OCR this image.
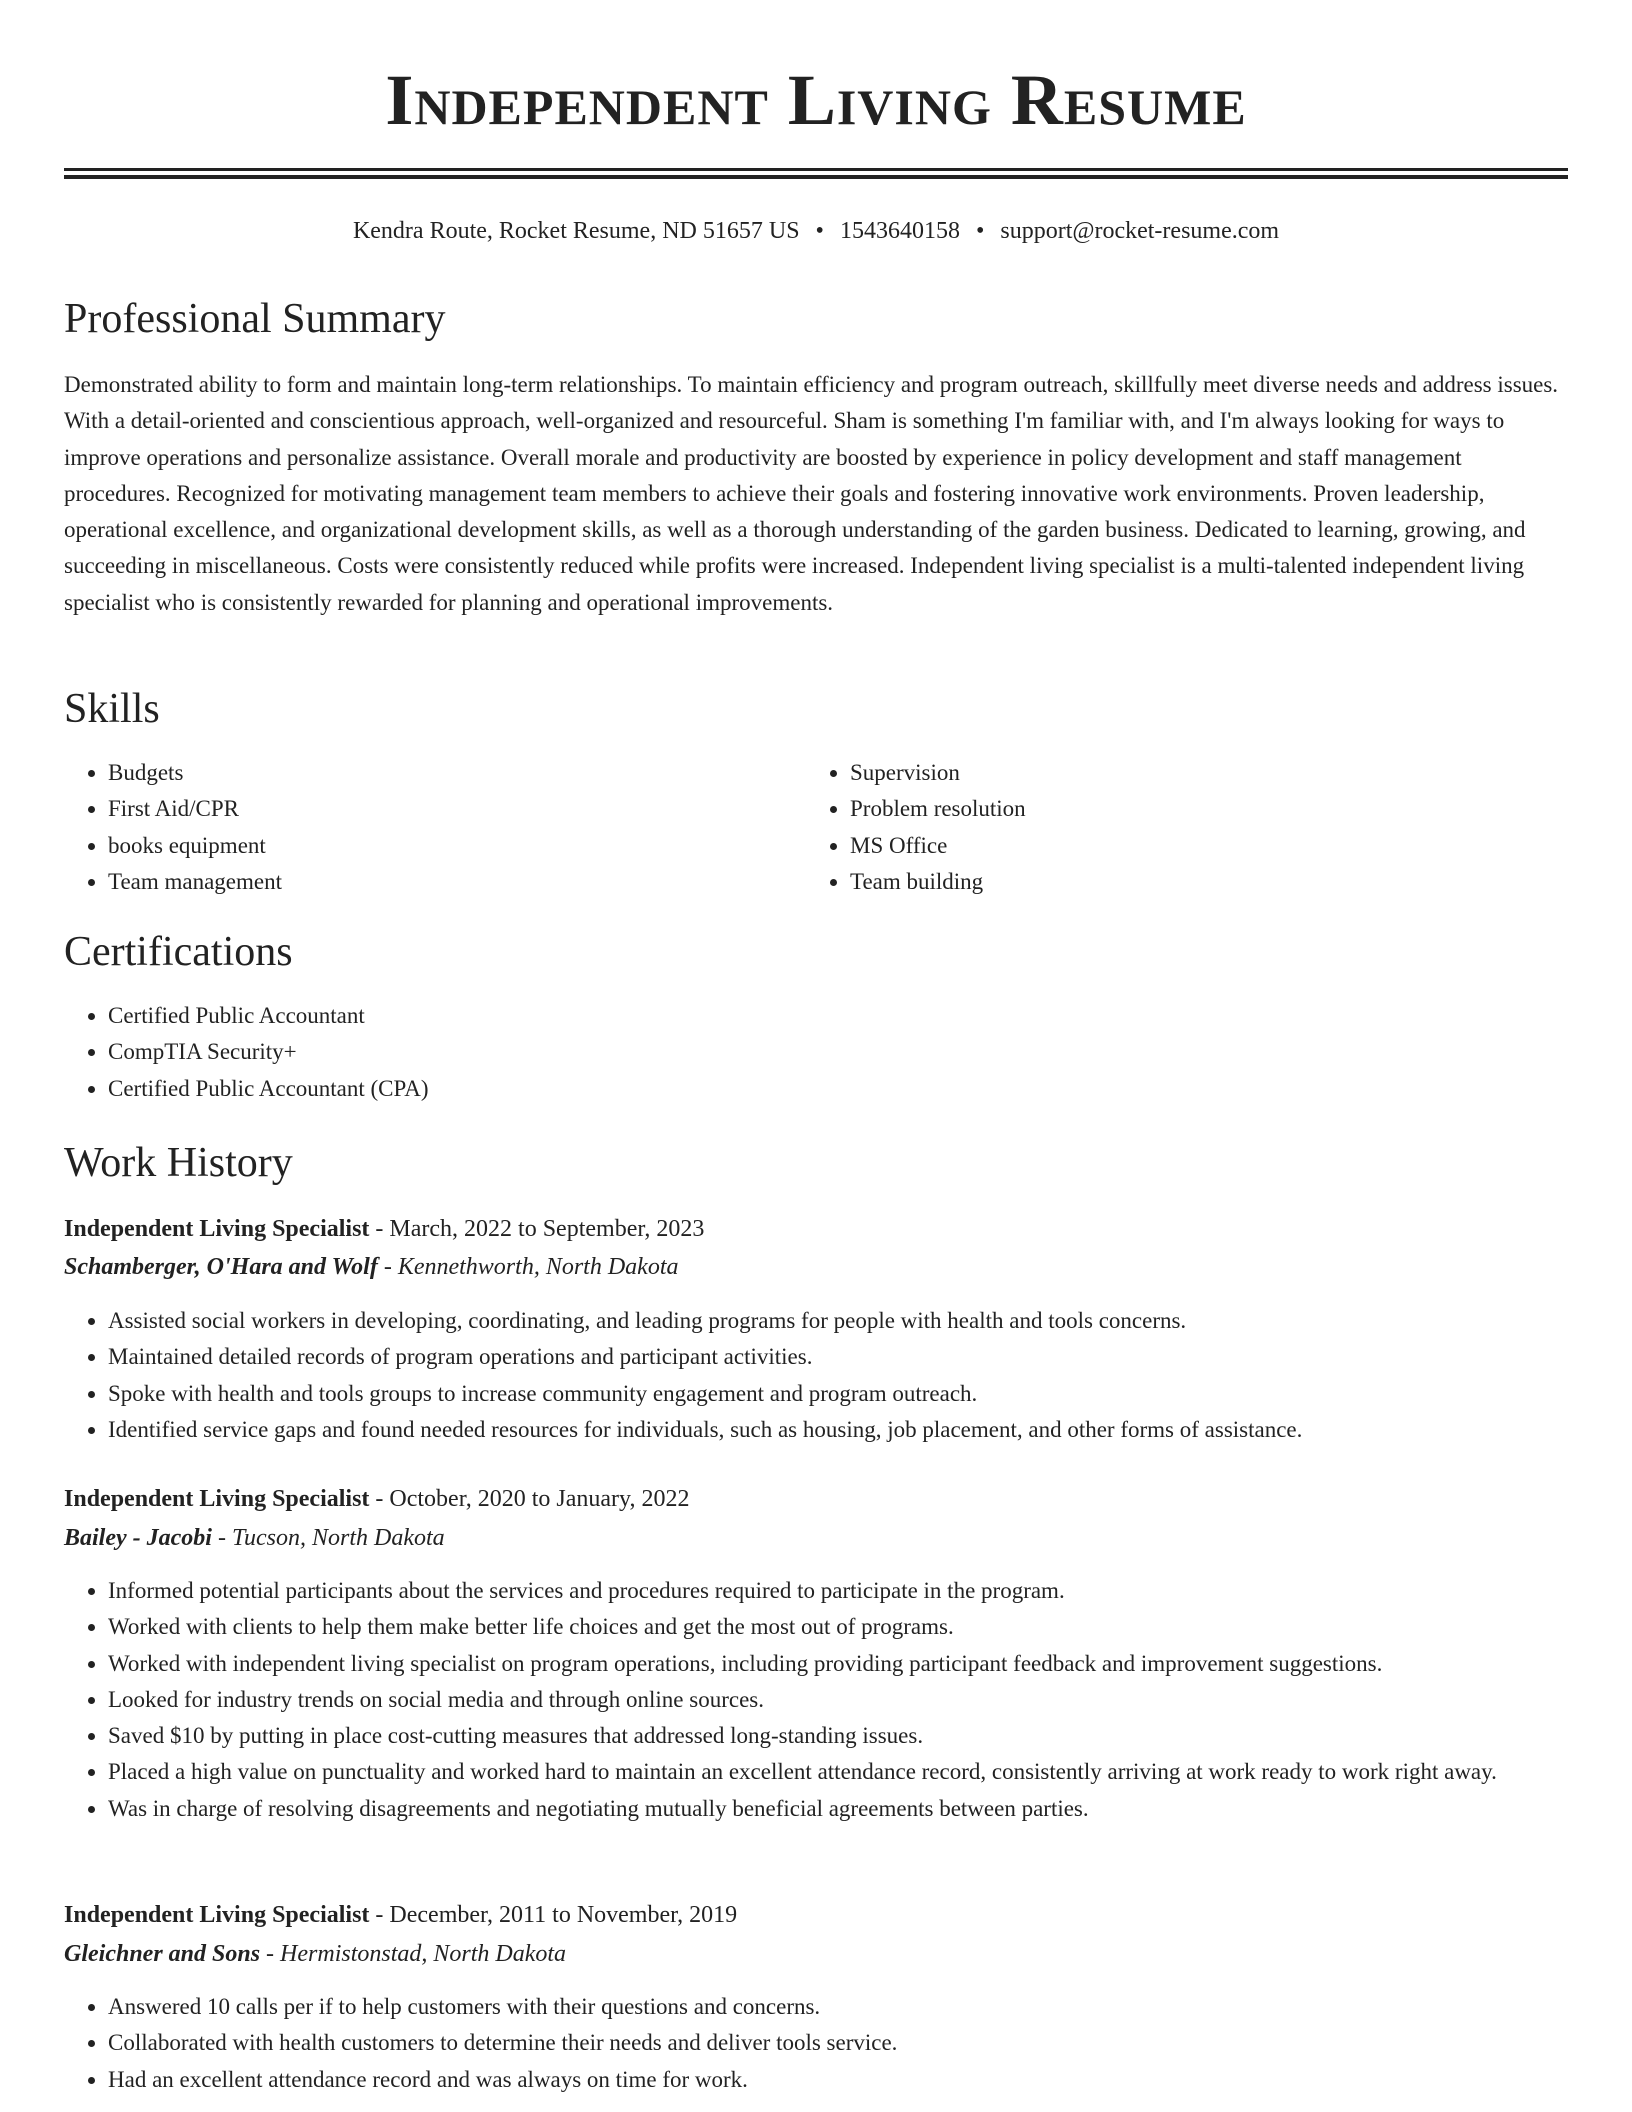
Independent Living Resume
Kendra Route, Rocket Resume, ND 51657 US • 1543640158 • support@rocket-resume.com
Professional Summary

Demonstrated ability to form and maintain long-term relationships. To maintain efficiency and program outreach, skillfully meet diverse needs and address issues. With a detail-oriented and conscientious approach, well-organized and resourceful. Sham is something I'm familiar with, and I'm always looking for ways to improve operations and personalize assistance. Overall morale and productivity are boosted by experience in policy development and staff management procedures. Recognized for motivating management team members to achieve their goals and fostering innovative work environments. Proven leadership, operational excellence, and organizational development skills, as well as a thorough understanding of the garden business. Dedicated to learning, growing, and succeeding in miscellaneous. Costs were consistently reduced while profits were increased. Independent living specialist is a multi-talented independent living specialist who is consistently rewarded for planning and operational improvements.

Skills
• Budgets
• First Aid/CPR
• books equipment
• Team management
• Supervision
• Problem resolution
• MS Office
• Team building
Certifications
• Certified Public Accountant
• CompTIA Security+
• Certified Public Accountant (CPA)
Work History
Independent Living Specialist - March, 2022 to September, 2023
Schamberger, O'Hara and Wolf - Kennethworth, North Dakota
• Assisted social workers in developing, coordinating, and leading programs for people with health and tools concerns.
• Maintained detailed records of program operations and participant activities.
• Spoke with health and tools groups to increase community engagement and program outreach.
• Identified service gaps and found needed resources for individuals, such as housing, job placement, and other forms of assistance.
Independent Living Specialist - October, 2020 to January, 2022
Bailey - Jacobi - Tucson, North Dakota
• Informed potential participants about the services and procedures required to participate in the program.
• Worked with clients to help them make better life choices and get the most out of programs.
• Worked with independent living specialist on program operations, including providing participant feedback and improvement suggestions.
• Looked for industry trends on social media and through online sources.
• Saved $10 by putting in place cost-cutting measures that addressed long-standing issues.
• Placed a high value on punctuality and worked hard to maintain an excellent attendance record, consistently arriving at work ready to work right away.
• Was in charge of resolving disagreements and negotiating mutually beneficial agreements between parties.
Independent Living Specialist - December, 2011 to November, 2019
Gleichner and Sons - Hermistonstad, North Dakota
• Answered 10 calls per if to help customers with their questions and concerns.
• Collaborated with health customers to determine their needs and deliver tools service.
• Had an excellent attendance record and was always on time for work.
